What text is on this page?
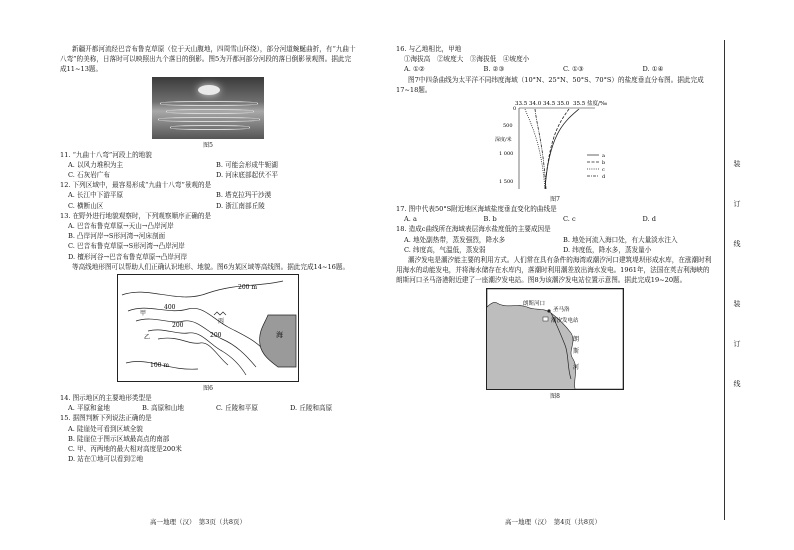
新疆开都河流经巴音布鲁克草原（位于天山腹地，四周雪山环绕），部分河道蜿蜒曲折，有“九曲十八弯”的美称，日落时可以映照出九个落日的倒影。图5为开都河部分河段的落日倒影景观图。据此完成11~13题。

图5

11. “九曲十八弯”河段上的地貌

A. 以风力堆积为主	B. 可能会形成牛轭湖
C. 石灰岩广布	D. 河床底部起伏不平

12. 下列区域中，最容易形成“九曲十八弯”景观的是

A. 长江中下游平原	B. 塔克拉玛干沙漠
C. 横断山区	D. 浙江南部丘陵

13. 在野外进行地貌观察时，下列观察顺序正确的是

A. 巴音布鲁克草原→天山→凸岸河岸

B. 凸岸河岸→S形河湾→河床剖面

C. 巴音布鲁克草原→S形河湾→凸岸河岸

D. 檀形河谷→巴音布鲁克草原→凸岸河岸

等高线地形图可以帮助人们正确认识地形、地貌。图6为某区域等高线图。据此完成14~16题。

200 m
400
200
200
100 m
海
甲
乙
丙

图6

14. 图示地区的主要地形类型是

A. 平原和盆地	B. 高原和山地	C. 丘陵和平原	D. 丘陵和高原

15. 据图判断下列说法正确的是

A. 陡崖处可看到区域全貌

B. 陡崖位于图示区域最高点的南部

C. 甲、丙两地的最大相对高度是200米

D. 站在①地可以看到②地

16. 与乙地相比，甲地

①海拔高　②坡度大　③海拔低　④坡度小

A. ①②	B. ②③	C. ①③	D. ①④

图7中四条曲线为太平洋不同纬度海域（10°N、25°N、50°S、70°S）的盐度垂直分布图。据此完成17~18题。

盐度/‰
33.5 34.0 34.5 35.0 35.5
0
500
1 000
1 500
深度/米
a
b
c
d

图7

17. 图中代表50°S附近地区海域盐度垂直变化的曲线是

A. a	B. b	C. c	D. d

18. 造成c曲线所在海域表层海水盐度低的主要成因是

A. 地处副热带，蒸发强烈，降水多	B. 地处河流入海口处，有大量淡水注入
C. 纬度高，气温低，蒸发弱	D. 纬度低，降水多，蒸发量小

潮汐发电是潮汐能主要的利用方式。人们常在具有条件的海湾或潮汐河口建筑堤坝形成水库，在涨潮时利用海水的动能发电，并将海水储存在水库内，落潮时利用潮差放出海水发电。1961年，法国在英吉利海峡的朗斯河口圣马洛港附近建了一座潮汐发电站。图8为该潮汐发电站位置示意图。据此完成19~20题。

圣马洛
潮汐发电站
朗斯河口
朗
斯
河

图8

高一地理（汉）　第3页（共8页）	高一地理（汉）　第4页（共8页）
装
订
线
装
订
线
